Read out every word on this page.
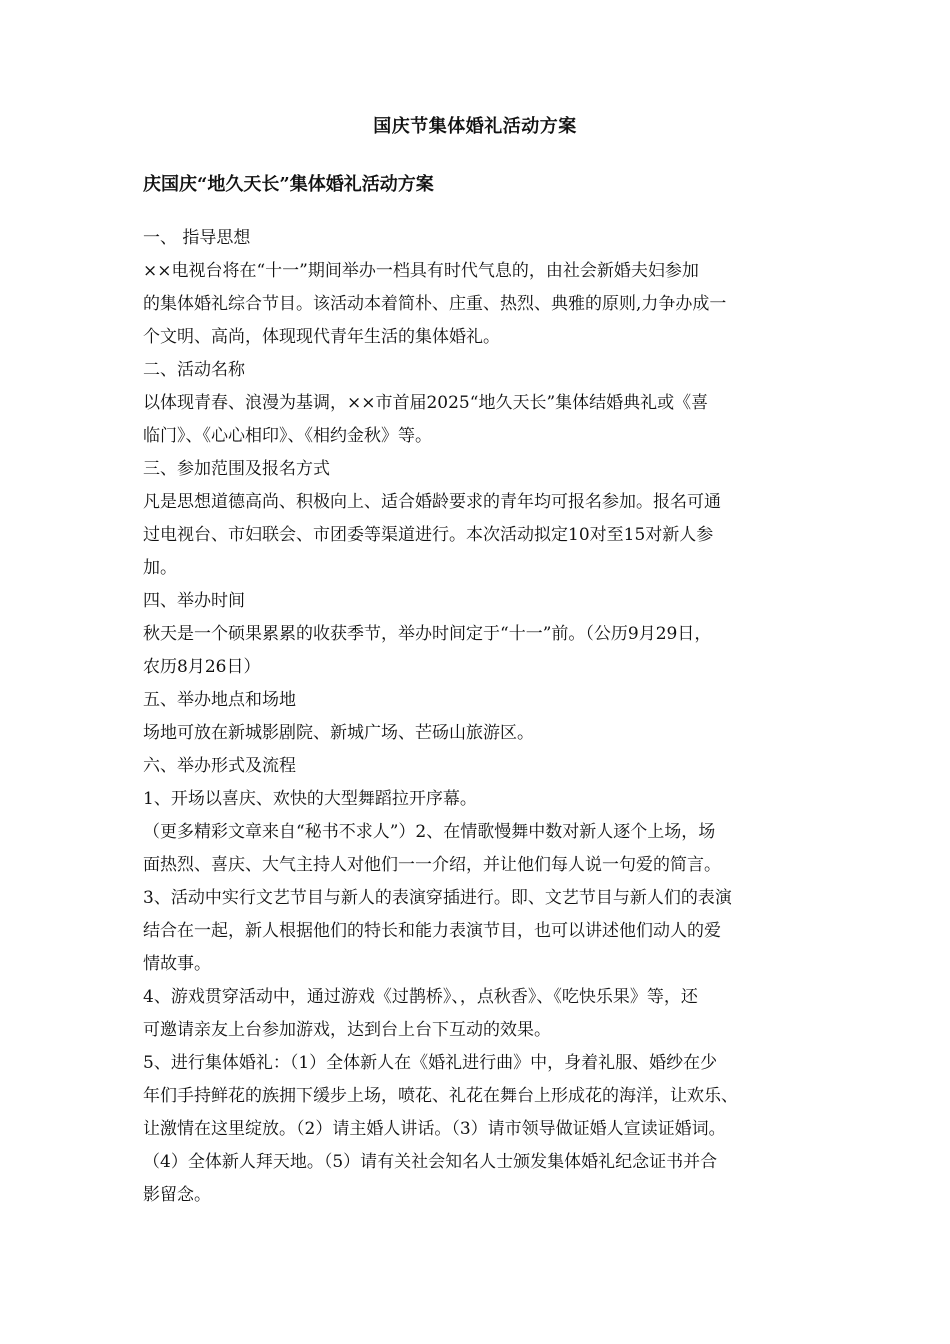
国庆节集体婚礼活动方案
庆国庆“地久天长”集体婚礼活动方案

一、 指导思想

××电视台将在“十一”期间举办一档具有时代气息的，由社会新婚夫妇参加

的集体婚礼综合节目。该活动本着简朴、庄重、热烈、典雅的原则,力争办成一

个文明、高尚，体现现代青年生活的集体婚礼。

二、活动名称

以体现青春、浪漫为基调，××市首届2025“地久天长”集体结婚典礼或《喜

临门》、《心心相印》、《相约金秋》等。

三、参加范围及报名方式

凡是思想道德高尚、积极向上、适合婚龄要求的青年均可报名参加。报名可通

过电视台、市妇联会、市团委等渠道进行。本次活动拟定10对至15对新人参

加。

四、举办时间

秋天是一个硕果累累的收获季节，举办时间定于“十一”前。（公历9月29日，

农历8月26日）

五、举办地点和场地

场地可放在新城影剧院、新城广场、芒砀山旅游区。

六、举办形式及流程

1、开场以喜庆、欢快的大型舞蹈拉开序幕。

（更多精彩文章来自“秘书不求人”）2、在情歌慢舞中数对新人逐个上场，场

面热烈、喜庆、大气主持人对他们一一介绍，并让他们每人说一句爱的简言。

3、活动中实行文艺节目与新人的表演穿插进行。即、文艺节目与新人们的表演

结合在一起，新人根据他们的特长和能力表演节目，也可以讲述他们动人的爱

情故事。

4、游戏贯穿活动中，通过游戏《过鹊桥》、，点秋香》、《吃快乐果》等，还

可邀请亲友上台参加游戏，达到台上台下互动的效果。

5、进行集体婚礼：（1）全体新人在《婚礼进行曲》中，身着礼服、婚纱在少

年们手持鲜花的族拥下缓步上场，喷花、礼花在舞台上形成花的海洋，让欢乐、

让激情在这里绽放。（2）请主婚人讲话。（3）请市领导做证婚人宣读证婚词。

（4）全体新人拜天地。（5）请有关社会知名人士颁发集体婚礼纪念证书并合

影留念。
